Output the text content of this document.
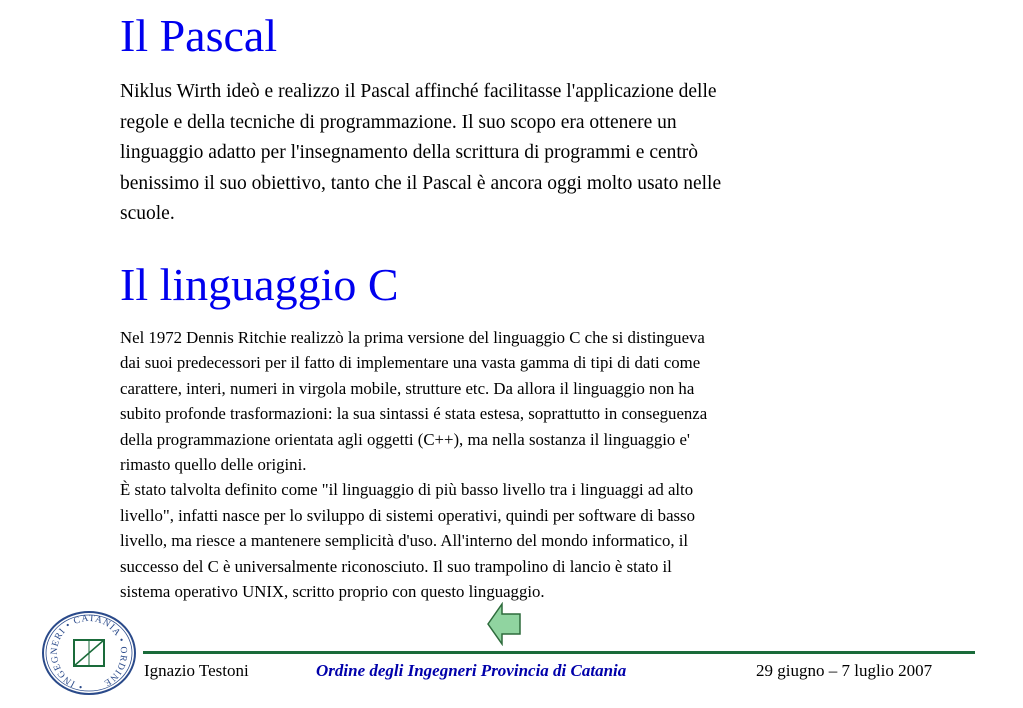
Il Pascal

Niklus Wirth ideò e realizzo il Pascal affinché facilitasse l'applicazione delle
regole e della tecniche di programmazione. Il suo scopo era ottenere un
linguaggio adatto per l'insegnamento della scrittura di programmi e centrò
benissimo il suo obiettivo, tanto che il Pascal è ancora oggi molto usato nelle
scuole.

Il linguaggio C

Nel 1972 Dennis Ritchie realizzò la prima versione del linguaggio C che si distingueva
dai suoi predecessori per il fatto di implementare una vasta gamma di tipi di dati come
carattere, interi, numeri in virgola mobile, strutture etc. Da allora il linguaggio non ha
subito profonde trasformazioni: la sua sintassi é stata estesa, soprattutto in conseguenza
della programmazione orientata agli oggetti (C++), ma nella sostanza il linguaggio e'
rimasto quello delle origini.
È stato talvolta definito come "il linguaggio di più basso livello tra i linguaggi ad alto
livello", infatti nasce per lo sviluppo di sistemi operativi, quindi per software di basso
livello, ma riesce a mantenere semplicità d'uso. All'interno del mondo informatico, il
successo del C è universalmente riconosciuto. Il suo trampolino di lancio è stato il
sistema operativo UNIX, scritto proprio con questo linguaggio.

• INGEGNERI • CATANIA • ORDINE
Ignazio Testoni	Ordine degli Ingegneri Provincia di Catania	29 giugno – 7 luglio 2007
